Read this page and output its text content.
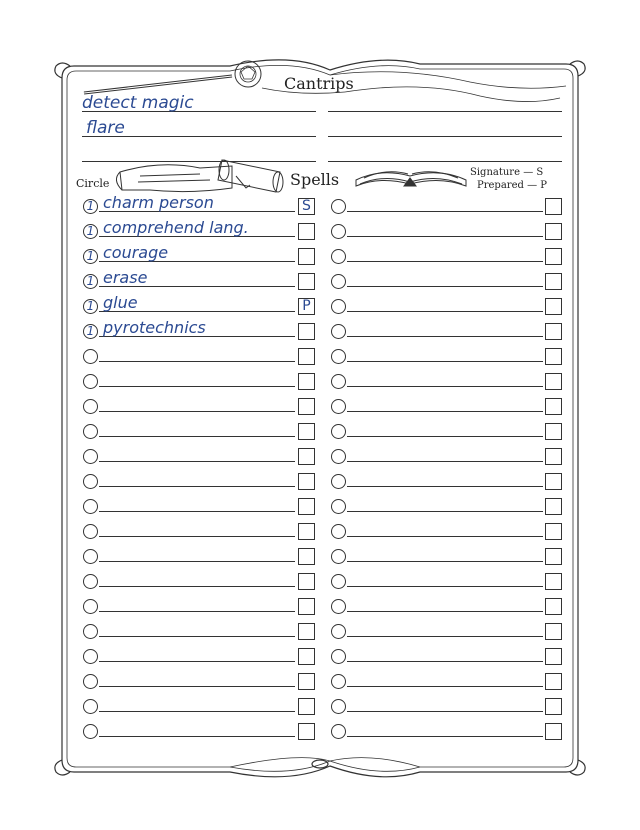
Cantrips
Circle	Spells	Signature — S
Prepared — P
detect magic
flare
1 charm person	S
1 comprehend lang.
1 courage
1 erase
1 glue	P
1 pyrotechnics
